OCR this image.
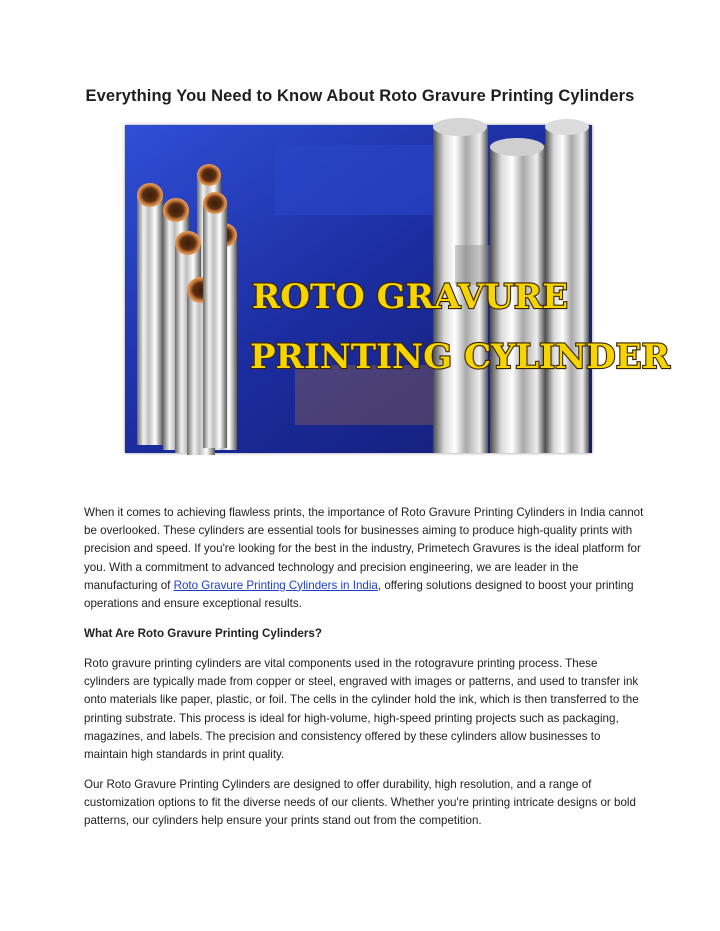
Everything You Need to Know About Roto Gravure Printing Cylinders
ROTO GRAVURE
PRINTING CYLINDER

When it comes to achieving flawless prints, the importance of Roto Gravure Printing Cylinders in India cannot be overlooked. These cylinders are essential tools for businesses aiming to produce high-quality prints with precision and speed. If you're looking for the best in the industry, Primetech Gravures is the ideal platform for you. With a commitment to advanced technology and precision engineering, we are leader in the manufacturing of Roto Gravure Printing Cylinders in India, offering solutions designed to boost your printing operations and ensure exceptional results.

What Are Roto Gravure Printing Cylinders?

Roto gravure printing cylinders are vital components used in the rotogravure printing process. These cylinders are typically made from copper or steel, engraved with images or patterns, and used to transfer ink onto materials like paper, plastic, or foil. The cells in the cylinder hold the ink, which is then transferred to the printing substrate. This process is ideal for high-volume, high-speed printing projects such as packaging, magazines, and labels. The precision and consistency offered by these cylinders allow businesses to maintain high standards in print quality.

Our Roto Gravure Printing Cylinders are designed to offer durability, high resolution, and a range of customization options to fit the diverse needs of our clients. Whether you're printing intricate designs or bold patterns, our cylinders help ensure your prints stand out from the competition.
